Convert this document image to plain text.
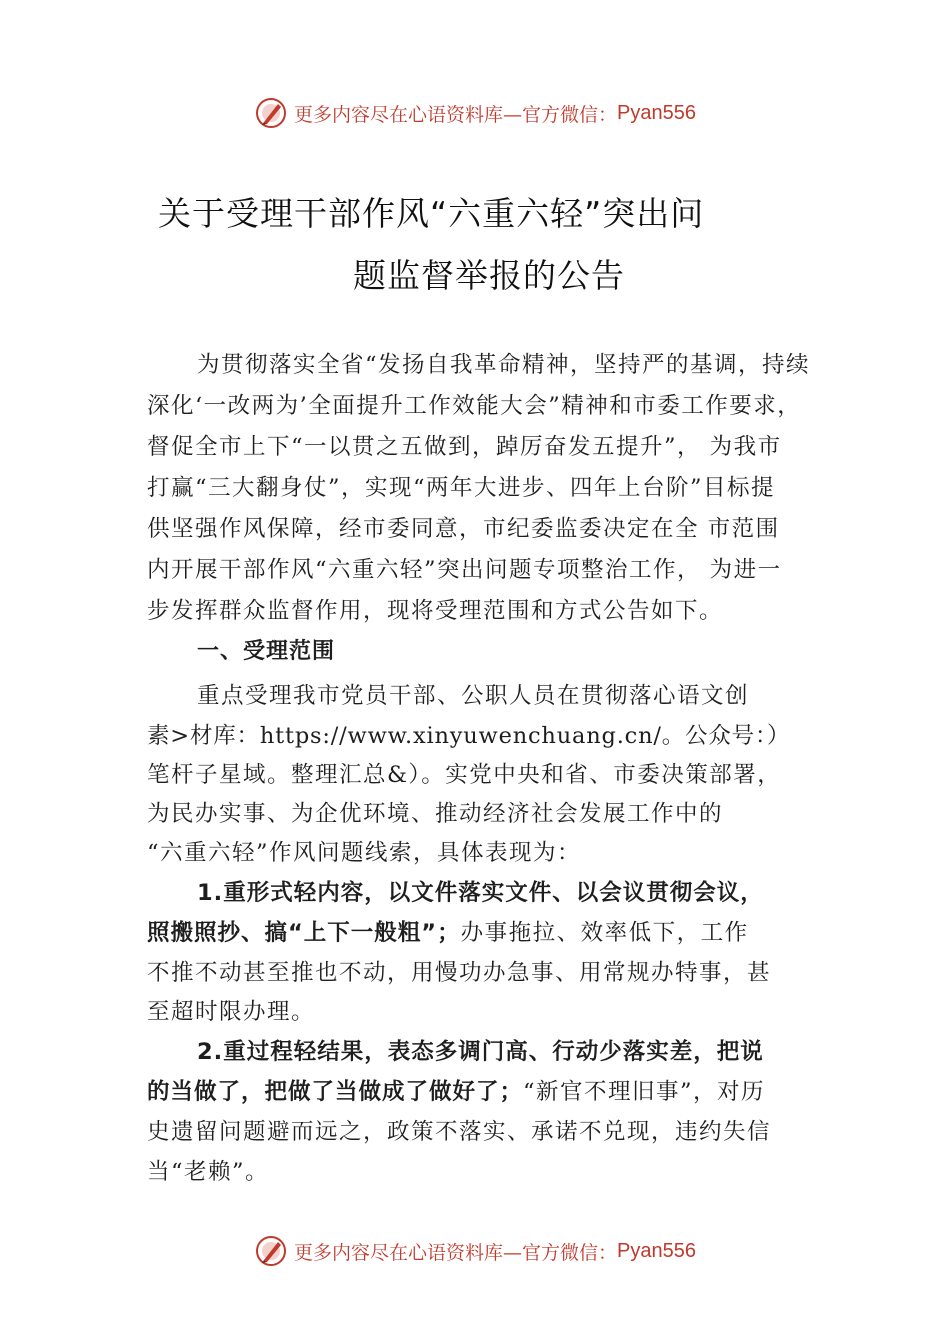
更多内容尽在心语资料库—官方微信： Pyan556
关于受理干部作风“六重六轻”突出问
题监督举报的公告
为贯彻落实全省“发扬自我革命精神，坚持严的基调，持续
深化‘一改两为’全面提升工作效能大会”精神和市委工作要求，
督促全市上下“一以贯之五做到，踔厉奋发五提升”， 为我市
打赢“三大翻身仗”，实现“两年大进步、四年上台阶”目标提
供坚强作风保障，经市委同意，市纪委监委决定在全 市范围
内开展干部作风“六重六轻”突出问题专项整治工作， 为进一
步发挥群众监督作用，现将受理范围和方式公告如下。
一、受理范围
重点受理我市党员干部、公职人员在贯彻落心语文创
素>材库：https://www.xinyuwenchuang.cn/。公众号：）
笔杆子星域。整理汇总&）。实党中央和省、市委决策部署，
为民办实事、为企优环境、推动经济社会发展工作中的
“六重六轻”作风问题线索，具体表现为：
1.重形式轻内容，以文件落实文件、以会议贯彻会议，
照搬照抄、搞“上下一般粗”；办事拖拉、效率低下，工作
不推不动甚至推也不动，用慢功办急事、用常规办特事，甚
至超时限办理。
2.重过程轻结果，表态多调门高、行动少落实差，把说
的当做了，把做了当做成了做好了；“新官不理旧事”，对历
史遗留问题避而远之，政策不落实、承诺不兑现，违约失信
当“老赖”。
更多内容尽在心语资料库—官方微信： Pyan556
